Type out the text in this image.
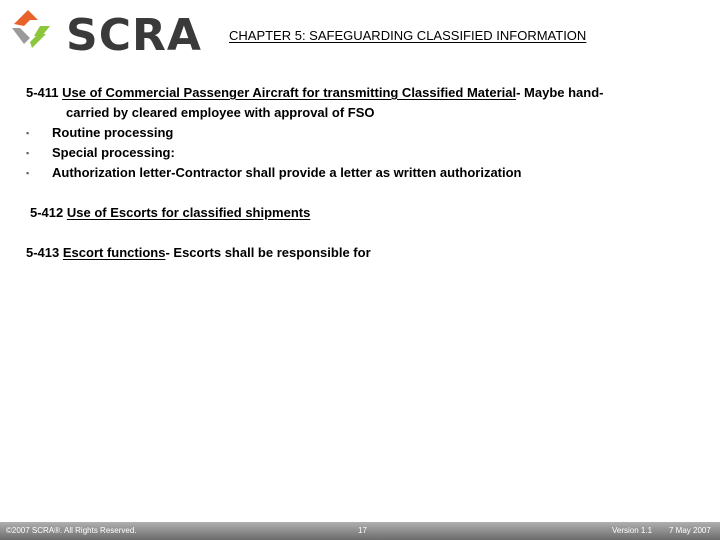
SCRA CHAPTER 5: SAFEGUARDING CLASSIFIED INFORMATION
5-411 Use of Commercial Passenger Aircraft for transmitting Classified Material- Maybe hand-
carried by cleared employee with approval of FSO
▪ Routine processing
▪ Special processing:
▪ Authorization letter-Contractor shall provide a letter as written authorization
5-412 Use of Escorts for classified shipments
5-413 Escort functions- Escorts shall be responsible for
©2007 SCRA®. All Rights Reserved.	17	Version 1.1 7 May 2007
